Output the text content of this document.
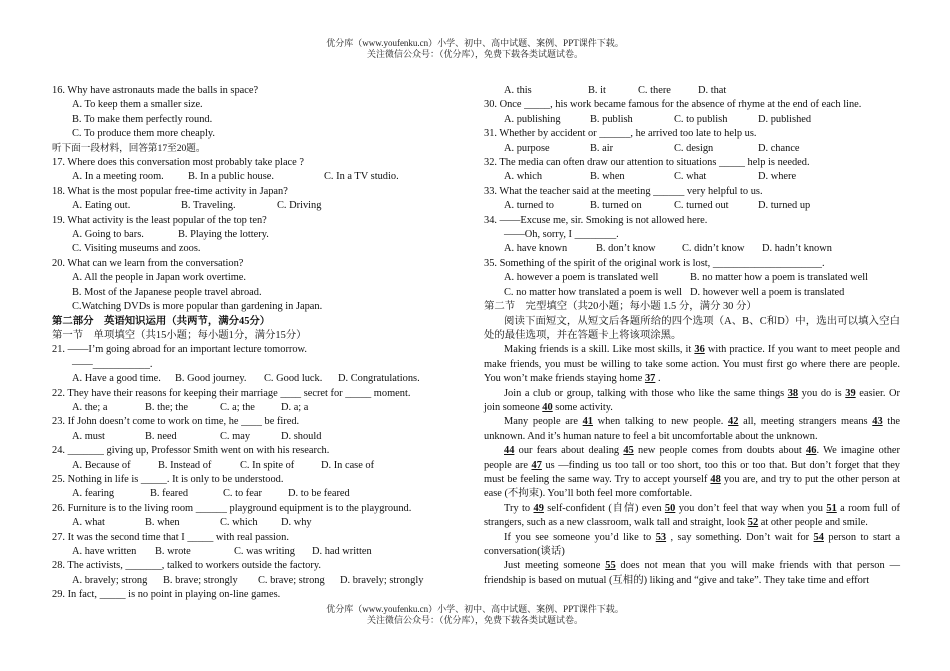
优分库（www.youfenku.cn）小学、初中、高中试题、案例、PPT课件下载。
关注微信公众号：（优分库），免费下载各类试题试卷。
16. Why have astronauts made the balls in space?
A. To keep them a smaller size.
B. To make them perfectly round.
C. To produce them more cheaply.
听下面一段材料，回答第17至20题。
17. Where does this conversation most probably take place ?
A. In a meeting room. B. In a public house.	C. In a TV studio.
18. What is the most popular free-time activity in Japan?
A. Eating out.	B. Traveling.	C. Driving
19. What activity is the least popular of the top ten?
A. Going to bars.	B. Playing the lottery.
C. Visiting museums and zoos.
20. What can we learn from the conversation?
A. All the people in Japan work overtime.
B. Most of the Japanese people travel abroad.
C.Watching DVDs is more popular than gardening in Japan.
第二部分　英语知识运用（共两节，满分45分）
第一节　单项填空（共15小题；每小题1分，满分15分）
21. ——I’m going abroad for an important lecture tomorrow.
——___________.
A. Have a good time. B. Good journey. C. Good luck. D. Congratulations.
22. They have their reasons for keeping their marriage ____ secret for _____ moment.
A. the; a	B. the; the	C. a; the	D. a; a
23. If John doesn’t come to work on time, he ____ be fired.
A. must	B. need	C. may	D. should
24. _______ giving up, Professor Smith went on with his research.
A. Because of	B. Instead of	C. In spite of	D. In case of
25. Nothing in life is _____. It is only to be understood.
A. fearing	B. feared	C. to fear	D. to be feared
26. Furniture is to the living room ______ playground equipment is to the playground.
A. what	B. when	C. which D. why
27. It was the second time that I _____ with real passion.
A. have written B. wrote	C. was writing D. had written
28. The activists, _______, talked to workers outside the factory.
A. bravely; strong B. brave; strongly C. brave; strong D. bravely; strongly
29. In fact, _____ is no point in playing on-line games.
A. this	B. it	C. there	D. that
30. Once _____, his work became famous for the absence of rhyme at the end of each line.
A. publishing	B. publish	C. to publish	D. published
31. Whether by accident or ______, he arrived too late to help us.
A. purpose	B. air	C. design	D. chance
32. The media can often draw our attention to situations _____ help is needed.
A. which	B. when	C. what	D. where
33. What the teacher said at the meeting ______ very helpful to us.
A. turned to	B. turned on	C. turned out	D. turned up
34. ——Excuse me, sir. Smoking is not allowed here.
——Oh, sorry, I ________.
A. have known	B. don’t know	C. didn’t know D. hadn’t known
35. Something of the spirit of the original work is lost, _____________________.
A. however a poem is translated well	B. no matter how a poem is translated well
C. no matter how translated a poem is well D. however well a poem is translated
第二节　完型填空（共20小题；每小题 1.5 分，满分 30 分）
阅读下面短文，从短文后各题所给的四个选项（A、B、C和D）中，选出可以填入空白处的最佳选项，并在答题卡上将该项涂黑。
Making friends is a skill. Like most skills, it 36 with practice. If you want to meet people and make friends, you must be willing to take some action. You must first go where there are people. You won’t make friends staying home 37 .
Join a club or group, talking with those who like the same things 38 you do is 39 easier. Or join someone 40 some activity.
Many people are 41 when talking to new people. 42 all, meeting strangers means 43 the unknown. And it’s human nature to feel a bit uncomfortable about the unknown.
44 our fears about dealing 45 new people comes from doubts about 46. We imagine other people are 47 us —finding us too tall or too short, too this or too that. But don’t forget that they must be feeling the same way. Try to accept yourself 48 you are, and try to put the other person at ease (不拘束). You’ll both feel more comfortable.
Try to 49 self-confident (自信) even 50 you don’t feel that way when you 51 a room full of strangers, such as a new classroom, walk tall and straight, look 52 at other people and smile.
If you see someone you’d like to 53 , say something. Don’t wait for 54 person to start a conversation(谈话)
Just meeting someone 55 does not mean that you will make friends with that person —friendship is based on mutual (互相的) liking and “give and take”. They take time and effort
优分库（www.youfenku.cn）小学、初中、高中试题、案例、PPT课件下载。
关注微信公众号：（优分库），免费下载各类试题试卷。
